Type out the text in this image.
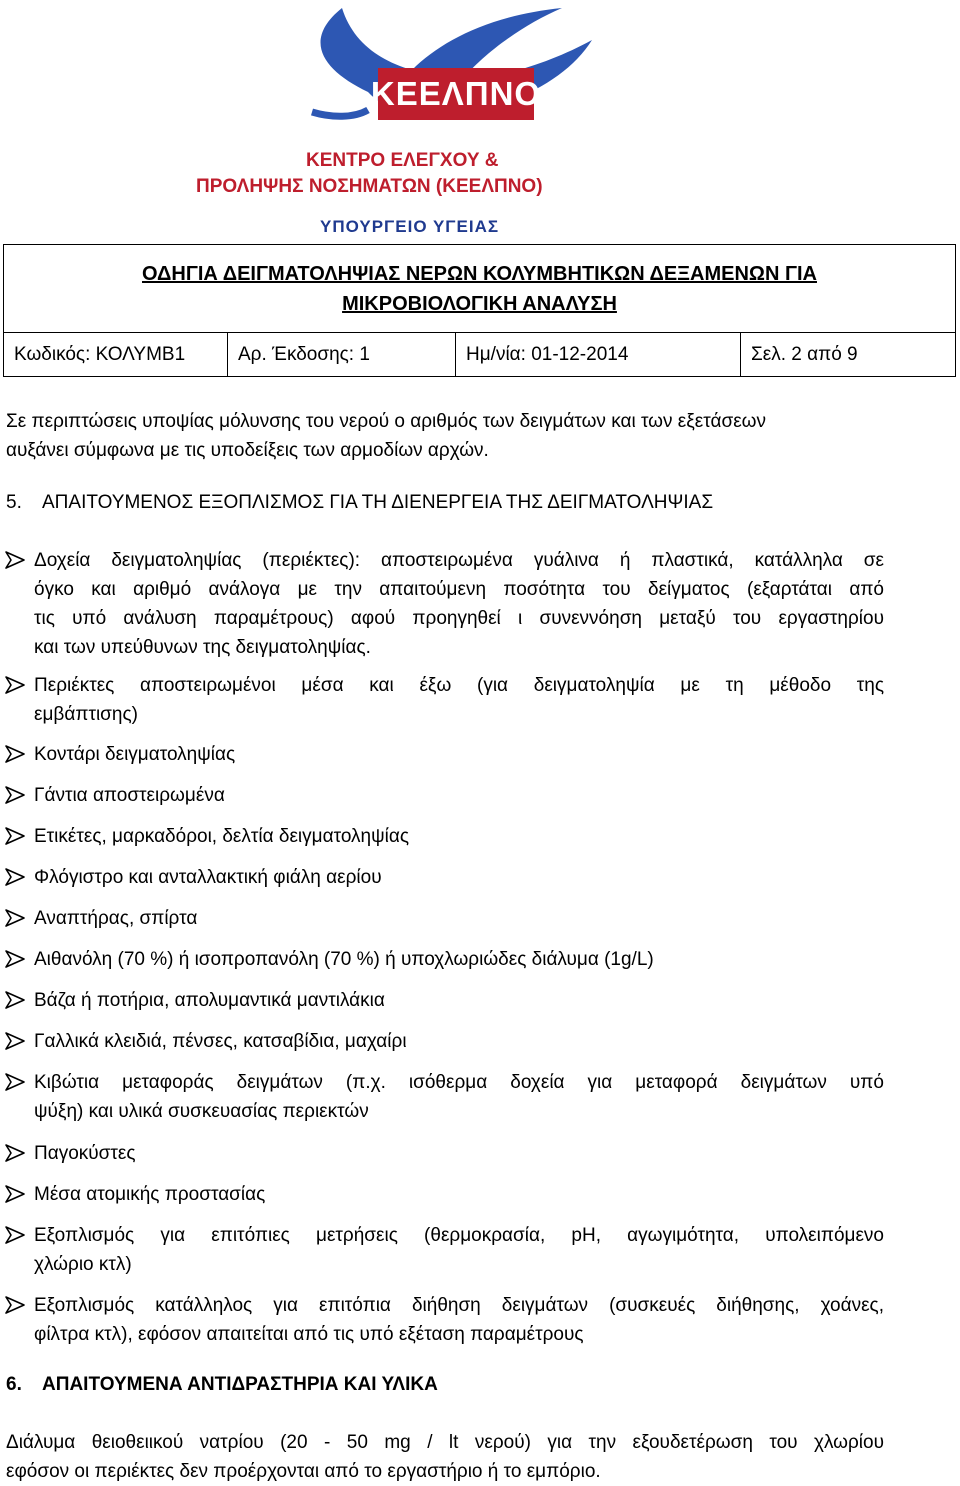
ΚΕΕΛΠΝΟ
ΚΕΝΤΡΟ ΕΛΕΓΧΟΥ &
ΠΡΟΛΗΨΗΣ ΝΟΣΗΜΑΤΩΝ (ΚΕΕΛΠΝΟ)
ΥΠΟΥΡΓΕΙΟ ΥΓΕΙΑΣ
ΟΔΗΓΙΑ ΔΕΙΓΜΑΤΟΛΗΨΙΑΣ ΝΕΡΩΝ ΚΟΛΥΜΒΗΤΙΚΩΝ ΔΕΞΑΜΕΝΩΝ ΓΙΑ
ΜΙΚΡΟΒΙΟΛΟΓΙΚΗ ΑΝΑΛΥΣΗ
Κωδικός: ΚΟΛΥΜΒ1	Αρ. Έκδοσης: 1	Ημ/νία: 01-12-2014	Σελ. 2 από 9
Σε περιπτώσεις υποψίας μόλυνσης του νερού ο αριθμός των δειγμάτων και των εξετάσεων
αυξάνει σύμφωνα με τις υποδείξεις των αρμοδίων αρχών.
5. ΑΠΑΙΤΟΥΜΕΝΟΣ ΕΞΟΠΛΙΣΜΟΣ ΓΙΑ ΤΗ ΔΙΕΝΕΡΓΕΙΑ ΤΗΣ ΔΕΙΓΜΑΤΟΛΗΨΙΑΣ
Δοχεία δειγματοληψίας (περιέκτες): αποστειρωμένα γυάλινα ή πλαστικά, κατάλληλα σε
όγκο και αριθμό ανάλογα με την απαιτούμενη ποσότητα του δείγματος (εξαρτάται από
τις υπό ανάλυση παραμέτρους) αφού προηγηθεί ι συνεννόηση μεταξύ του εργαστηρίου
και των υπεύθυνων της δειγματοληψίας.
Περιέκτες αποστειρωμένοι μέσα και έξω (για δειγματοληψία με τη μέθοδο της
εμβάπτισης)
Κοντάρι δειγματοληψίας
Γάντια αποστειρωμένα
Ετικέτες, μαρκαδόροι, δελτία δειγματοληψίας
Φλόγιστρο και ανταλλακτική φιάλη αερίου
Αναπτήρας, σπίρτα
Αιθανόλη (70 %) ή ισοπροπανόλη (70 %) ή υποχλωριώδες διάλυμα (1g/L)
Βάζα ή ποτήρια, απολυμαντικά μαντιλάκια
Γαλλικά κλειδιά, πένσες, κατσαβίδια, μαχαίρι
Κιβώτια μεταφοράς δειγμάτων (π.χ. ισόθερμα δοχεία για μεταφορά δειγμάτων υπό
ψύξη) και υλικά συσκευασίας περιεκτών
Παγοκύστες
Μέσα ατομικής προστασίας
Εξοπλισμός για επιτόπιες μετρήσεις (θερμοκρασία, pH, αγωγιμότητα, υπολειπόμενο
χλώριο κτλ)
Εξοπλισμός κατάλληλος για επιτόπια διήθηση δειγμάτων (συσκευές διήθησης, χοάνες,
φίλτρα κτλ), εφόσον απαιτείται από τις υπό εξέταση παραμέτρους
6. ΑΠΑΙΤΟΥΜΕΝΑ ΑΝΤΙΔΡΑΣΤΗΡΙΑ ΚΑΙ ΥΛΙΚΑ
Διάλυμα θειοθειικού νατρίου (20 - 50 mg / lt νερού) για την εξουδετέρωση του χλωρίου
εφόσον οι περιέκτες δεν προέρχονται από το εργαστήριο ή το εμπόριο.
